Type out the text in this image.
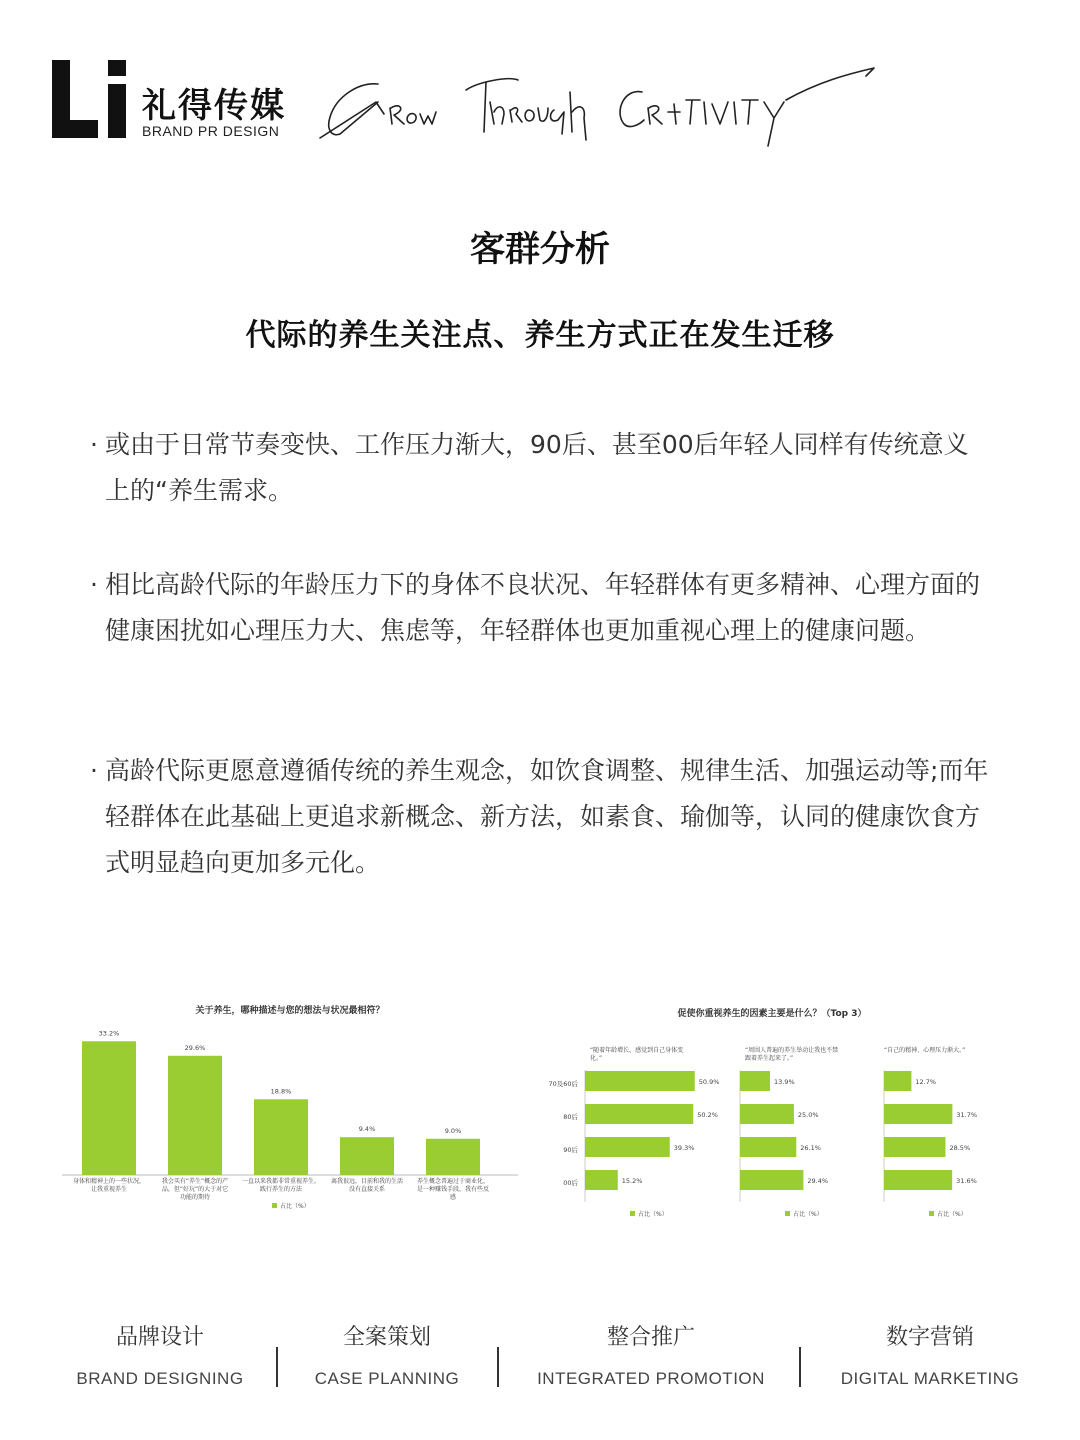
礼得传媒
BRAND PR DESIGN
客群分析
代际的养生关注点、养生方式正在发生迁移
· 或由于日常节奏变快、工作压力渐大，90后、甚至00后年轻人同样有传统意义上的“养生需求。
· 相比高龄代际的年龄压力下的身体不良状况、年轻群体有更多精神、心理方面的健康困扰如心理压力大、焦虑等，年轻群体也更加重视心理上的健康问题。
· 高龄代际更愿意遵循传统的养生观念，如饮食调整、规律生活、加强运动等;而年轻群体在此基础上更追求新概念、新方法，如素食、瑜伽等，认同的健康饮食方式明显趋向更加多元化。
关于养生，哪种描述与您的想法与状况最相符？
33.2%
身体和精神上的一些状况，
让我重视养生
29.6%
我会买有“养生”概念的产
品，但“好玩”的大于对它
功能的期待
18.8%
一直以来我都非常重视养生，
践行养生的方法
9.4%
离我很远，目前和我的生活
没有直接关系
9.0%
养生概念普遍过于商业化，
是一种赚钱手段，我有些反
感
占比（%）
促使你重视养生的因素主要是什么？（Top 3）
70及60后
80后
90后
00后
“随着年龄增长，感觉到自己身体变
化。”
50.9%
50.2%
39.3%
15.2%
占比（%）
“周围人普遍的养生举动让我也不禁
跟着养生起来了。”
13.9%
25.0%
26.1%
29.4%
占比（%）
“自己的精神、心理压力渐大。”
12.7%
31.7%
28.5%
31.6%
占比（%）
品牌设计
BRAND DESIGNING
全案策划
CASE PLANNING
整合推广
INTEGRATED PROMOTION
数字营销
DIGITAL MARKETING
